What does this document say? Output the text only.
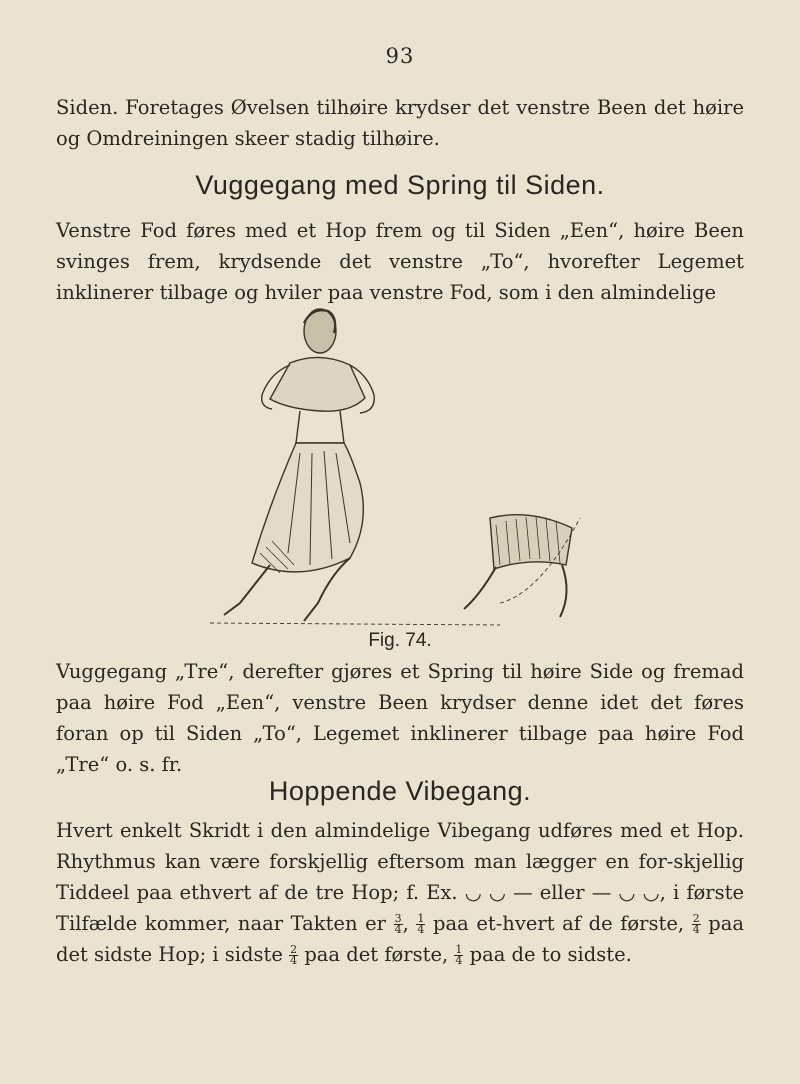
93

Siden. Foretages Øvelsen tilhøire krydser det venstre Been det høire og Omdreiningen skeer stadig tilhøire.

Vuggegang med Spring til Siden.

Venstre Fod føres med et Hop frem og til Siden „Een“, høire Been svinges frem, krydsende det venstre „To“, hvorefter Legemet inklinerer tilbage og hviler paa venstre Fod, som i den almindelige

Fig. 74.

Vuggegang „Tre“, derefter gjøres et Spring til høire Side og fremad paa høire Fod „Een“, venstre Been krydser denne idet det føres foran op til Siden „To“, Legemet inklinerer tilbage paa høire Fod „Tre“ o. s. fr.

Hoppende Vibegang.

Hvert enkelt Skridt i den almindelige Vibegang udføres med et Hop. Rhythmus kan være forskjellig eftersom man lægger en for-skjellig Tiddeel paa ethvert af de tre Hop; f. Ex. ◡ ◡ — eller — ◡ ◡, i første Tilfælde kommer, naar Takten er $\frac{3}{4}$ , $\frac{1}{4}$ paa et-hvert af de første, $\frac{2}{4}$ paa det sidste Hop; i sidste $\frac{2}{4}$ paa det første, $\frac{1}{4}$ paa de to sidste.
